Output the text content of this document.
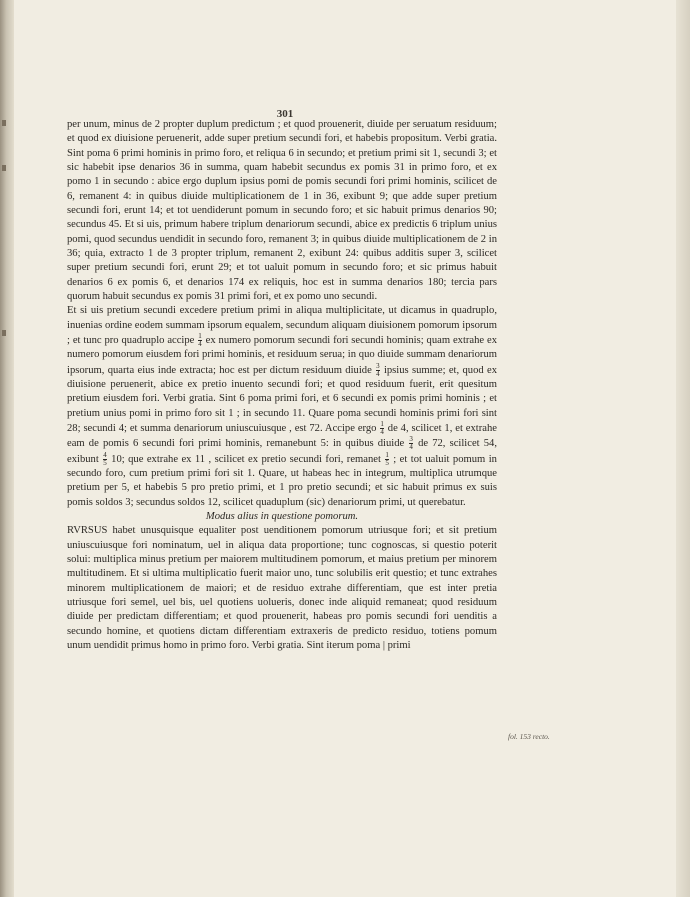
301

per unum, minus de 2 propter duplum predictum ; et quod prouenerit, diuide per seruatum residuum; et quod ex diuisione peruenerit, adde super pretium secundi fori, et habebis propositum. Verbi gratia. Sint poma 6 primi hominis in primo foro, et reliqua 6 in secundo; et pretium primi sit 1, secundi 3; et sic habebit ipse denarios 36 in summa, quam habebit secundus ex pomis 31 in primo foro, et ex pomo 1 in secundo : abice ergo duplum ipsius pomi de pomis secundi fori primi hominis, scilicet de 6, remanent 4: in quibus diuide multiplicationem de 1 in 36, exibunt 9; que adde super pretium secundi fori, erunt 14; et tot uendiderunt pomum in secundo foro; et sic habuit primus denarios 90; secundus 45. Et si uis, primum habere triplum denariorum secundi, abice ex predictis 6 triplum unius pomi, quod secundus uendidit in secundo foro, remanent 3; in quibus diuide multiplicationem de 2 in 36; quia, extracto 1 de 3 propter triplum, remanent 2, exibunt 24: quibus additis super 3, scilicet super pretium secundi fori, erunt 29; et tot ualuit pomum in secundo foro; et sic primus habuit denarios 6 ex pomis 6, et denarios 174 ex reliquis, hoc est in summa denarios 180; tercia pars quorum habuit secundus ex pomis 31 primi fori, et ex pomo uno secundi.

Et si uis pretium secundi excedere pretium primi in aliqua multiplicitate, ut dicamus in quadruplo, inuenias ordine eodem summam ipsorum equalem, secundum aliquam diuisionem pomorum ipsorum ; et tunc pro quadruplo accipe $\frac{1}{4}$ ex numero pomorum secundi fori secundi hominis; quam extrahe ex numero pomorum eiusdem fori primi hominis, et residuum serua; in quo diuide summam denariorum ipsorum, quarta eius inde extracta; hoc est per dictum residuum diuide $\frac{3}{4}$ ipsius summe; et, quod ex diuisione peruenerit, abice ex pretio inuento secundi fori; et quod residuum fuerit, erit quesitum pretium eiusdem fori. Verbi gratia. Sint 6 poma primi fori, et 6 secundi ex pomis primi hominis ; et pretium unius pomi in primo foro sit 1 ; in secundo 11. Quare poma secundi hominis primi fori sint 28; secundi 4; et summa denariorum uniuscuiusque , est 72. Accipe ergo $\frac{1}{4}$ de 4, scilicet 1, et extrahe eam de pomis 6 secundi fori primi hominis, remanebunt 5: in quibus diuide $\frac{3}{4}$ de 72, scilicet 54, exibunt $\frac{4}{5} 10$; que extrahe ex 11 , scilicet ex pretio secundi fori, remanet $\frac{1}{5}$ ; et tot ualuit pomum in secundo foro, cum pretium primi fori sit 1. Quare, ut habeas hec in integrum, multiplica utrumque pretium per 5, et habebis 5 pro pretio primi, et 1 pro pretio secundi; et sic habuit primus ex suis pomis soldos 3; secundus soldos 12, scilicet quaduplum (sic) denariorum primi, ut querebatur.

Modus alius in questione pomorum.

RVRSUS habet unusquisque equaliter post uenditionem pomorum utriusque fori; et sit pretium uniuscuiusque fori nominatum, uel in aliqua data proportione; tunc cognoscas, si questio poterit solui: multiplica minus pretium per maiorem multitudinem pomorum, et maius pretium per minorem multitudinem. Et si ultima multiplicatio fuerit maior uno, tunc solubilis erit questio; et tunc extrahes minorem multiplicationem de maiori; et de residuo extrahe differentiam, que est inter pretia utriusque fori semel, uel bis, uel quotiens uolueris, donec inde aliquid remaneat; quod residuum diuide per predictam differentiam; et quod prouenerit, habeas pro pomis secundi fori uenditis a secundo homine, et quotiens dictam differentiam extraxeris de predicto residuo, totiens pomum unum uendidit primus homo in primo foro. Verbi gratia. Sint iterum poma | primi

fol. 153 recto.
